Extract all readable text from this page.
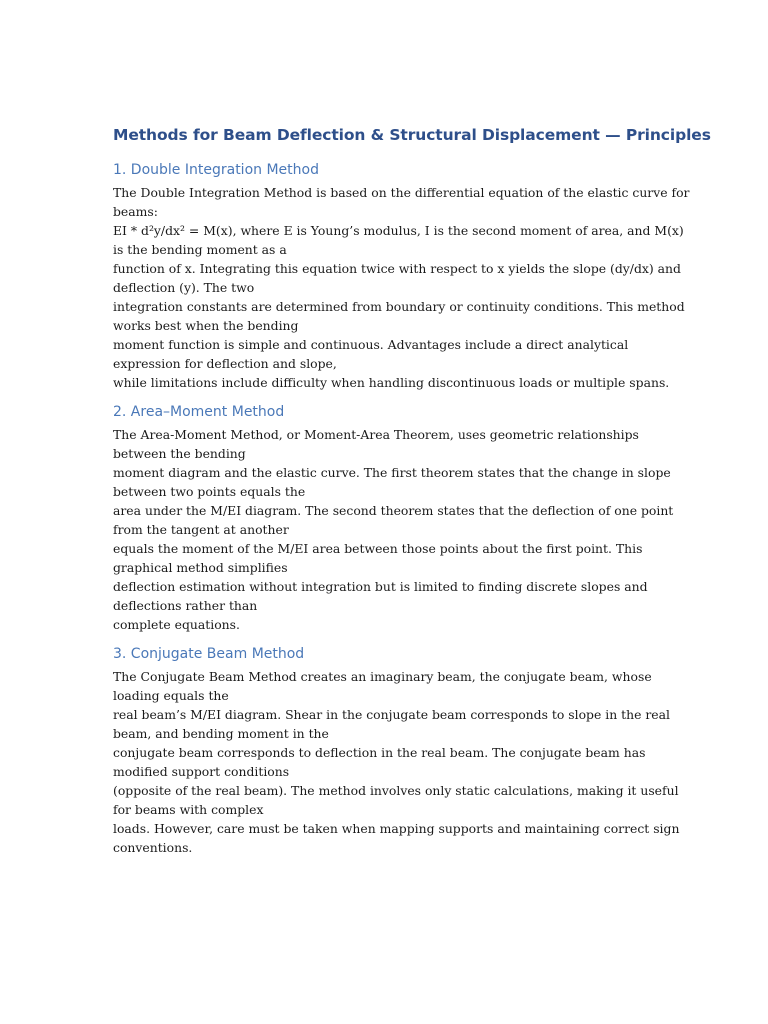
Methods for Beam Deflection & Structural Displacement — Principles
1. Double Integration Method
The Double Integration Method is based on the differential equation of the elastic curve for
beams:
EI * d²y/dx² = M(x), where E is Young’s modulus, I is the second moment of area, and M(x)
is the bending moment as a
function of x. Integrating this equation twice with respect to x yields the slope (dy/dx) and
deflection (y). The two
integration constants are determined from boundary or continuity conditions. This method
works best when the bending
moment function is simple and continuous. Advantages include a direct analytical
expression for deflection and slope,
while limitations include difficulty when handling discontinuous loads or multiple spans.
2. Area–Moment Method
The Area-Moment Method, or Moment-Area Theorem, uses geometric relationships
between the bending
moment diagram and the elastic curve. The first theorem states that the change in slope
between two points equals the
area under the M/EI diagram. The second theorem states that the deflection of one point
from the tangent at another
equals the moment of the M/EI area between those points about the first point. This
graphical method simplifies
deflection estimation without integration but is limited to finding discrete slopes and
deflections rather than
complete equations.
3. Conjugate Beam Method
The Conjugate Beam Method creates an imaginary beam, the conjugate beam, whose
loading equals the
real beam’s M/EI diagram. Shear in the conjugate beam corresponds to slope in the real
beam, and bending moment in the
conjugate beam corresponds to deflection in the real beam. The conjugate beam has
modified support conditions
(opposite of the real beam). The method involves only static calculations, making it useful
for beams with complex
loads. However, care must be taken when mapping supports and maintaining correct sign
conventions.
